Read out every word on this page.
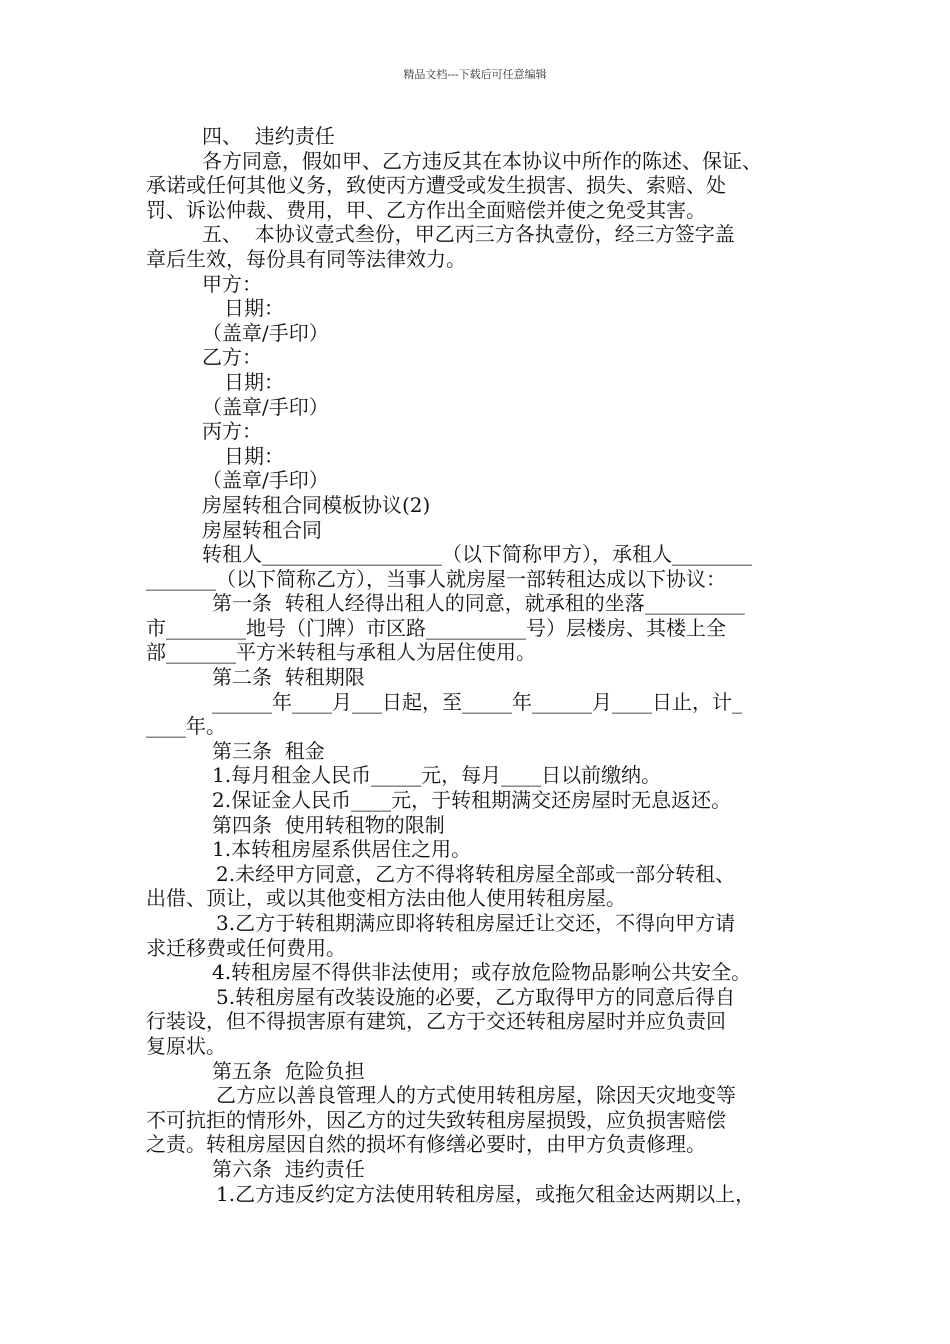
精品文档---下载后可任意编辑
四、  违约责任
各方同意，假如甲、乙方违反其在本协议中所作的陈述、保证、
承诺或任何其他义务，致使丙方遭受或发生损害、损失、索赔、处
罚、诉讼仲裁、费用，甲、乙方作出全面赔偿并使之免受其害。
五、  本协议壹式叁份，甲乙丙三方各执壹份，经三方签字盖
章后生效，每份具有同等法律效力。
甲方：
日期：
（盖章/手印）
乙方：
日期：
（盖章/手印）
丙方：
日期：
（盖章/手印）
房屋转租合同模板协议(2)
房屋转租合同
转租人__________________（以下简称甲方），承租人________
_______（以下简称乙方），当事人就房屋一部转租达成以下协议：
第一条  转租人经得出租人的同意，就承租的坐落__________
市________地号（门牌）市区路__________号）层楼房、其楼上全
部_______平方米转租与承租人为居住使用。
第二条  转租期限
______年____月___日起，至_____年______月____日止，计_
____年。
第三条  租金
1.每月租金人民币_____元，每月____日以前缴纳。
2.保证金人民币____元，于转租期满交还房屋时无息返还。
第四条  使用转租物的限制
1.本转租房屋系供居住之用。
2.未经甲方同意，乙方不得将转租房屋全部或一部分转租、
出借、顶让，或以其他变相方法由他人使用转租房屋。
3.乙方于转租期满应即将转租房屋迁让交还，不得向甲方请
求迁移费或任何费用。
4.转租房屋不得供非法使用；或存放危险物品影响公共安全。
5.转租房屋有改装设施的必要，乙方取得甲方的同意后得自
行装设，但不得损害原有建筑，乙方于交还转租房屋时并应负责回
复原状。
第五条  危险负担
乙方应以善良管理人的方式使用转租房屋，除因天灾地变等
不可抗拒的情形外，因乙方的过失致转租房屋损毁，应负损害赔偿
之责。转租房屋因自然的损坏有修缮必要时，由甲方负责修理。
第六条  违约责任
1.乙方违反约定方法使用转租房屋，或拖欠租金达两期以上，
